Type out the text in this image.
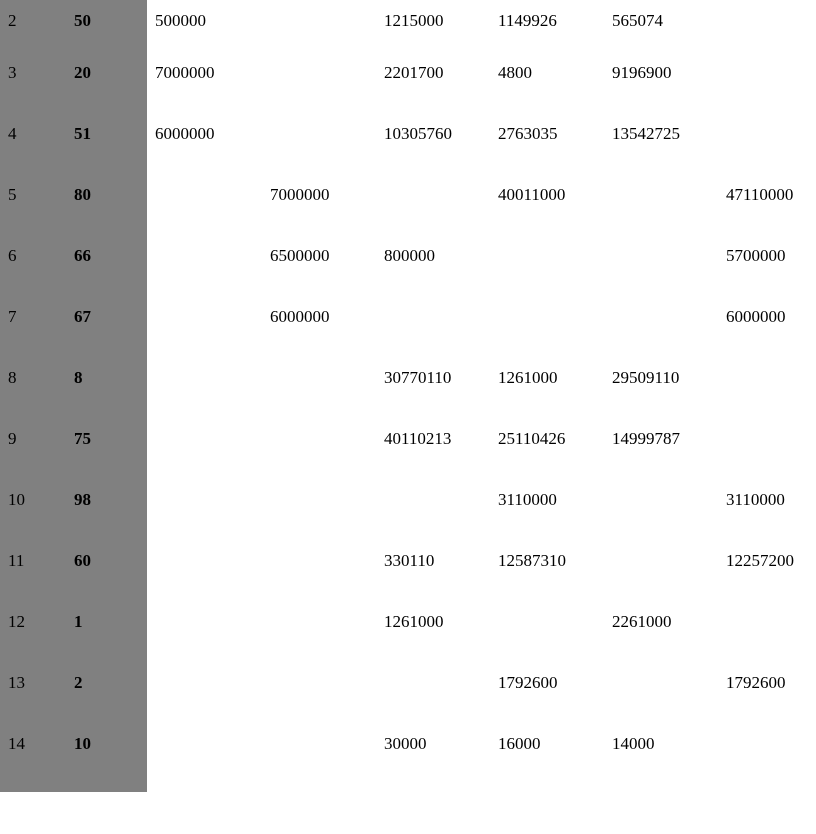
2	50	500000		1215000	1149926	565074	
3	20	7000000		2201700	4800	9196900	
4	51	6000000		10305760	2763035	13542725	
5	80		7000000		40011000		47110000
6	66		6500000	800000			5700000
7	67		6000000				6000000
8	8			30770110	1261000	29509110	
9	75			40110213	25110426	14999787	
10	98				3110000		3110000
11	60			330110	12587310		12257200
12	1			1261000		2261000	
13	2				1792600		1792600
14	10			30000	16000	14000	
